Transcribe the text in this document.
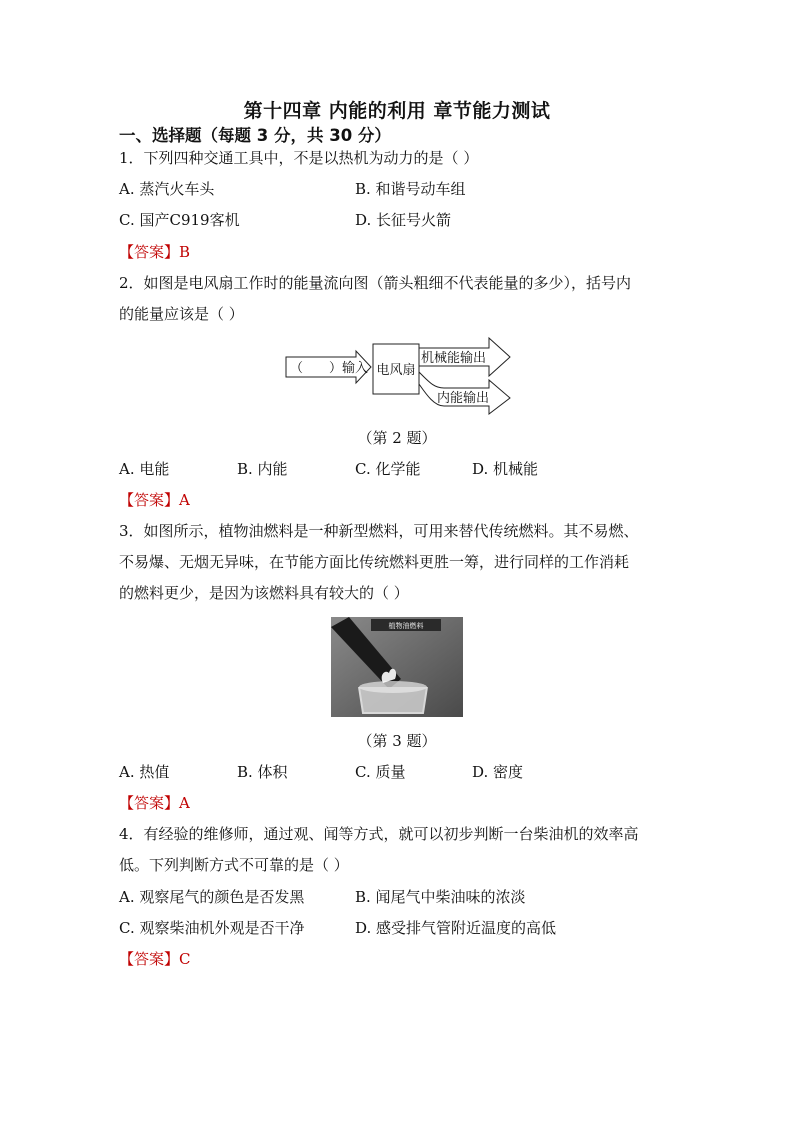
第十四章 内能的利用 章节能力测试
一、选择题（每题 3 分，共 30 分）
1．下列四种交通工具中，不是以热机为动力的是（ ）
A. 蒸汽火车头	B. 和谐号动车组
C. 国产C919客机	D. 长征号火箭
【答案】B
2．如图是电风扇工作时的能量流向图（箭头粗细不代表能量的多少），括号内
的能量应该是（ ）
（　　）输入 电风扇
机械能输出
内能输出
（第 2 题）
A. 电能	B. 内能	C. 化学能	D. 机械能
【答案】A
3．如图所示，植物油燃料是一种新型燃料，可用来替代传统燃料。其不易燃、
不易爆、无烟无异味，在节能方面比传统燃料更胜一筹，进行同样的工作消耗
的燃料更少，是因为该燃料具有较大的（ ）
植物油燃料
（第 3 题）
A. 热值	B. 体积	C. 质量	D. 密度
【答案】A
4．有经验的维修师，通过观、闻等方式，就可以初步判断一台柴油机的效率高
低。下列判断方式不可靠的是（ ）
A. 观察尾气的颜色是否发黑	B. 闻尾气中柴油味的浓淡
C. 观察柴油机外观是否干净	D. 感受排气管附近温度的高低
【答案】C
